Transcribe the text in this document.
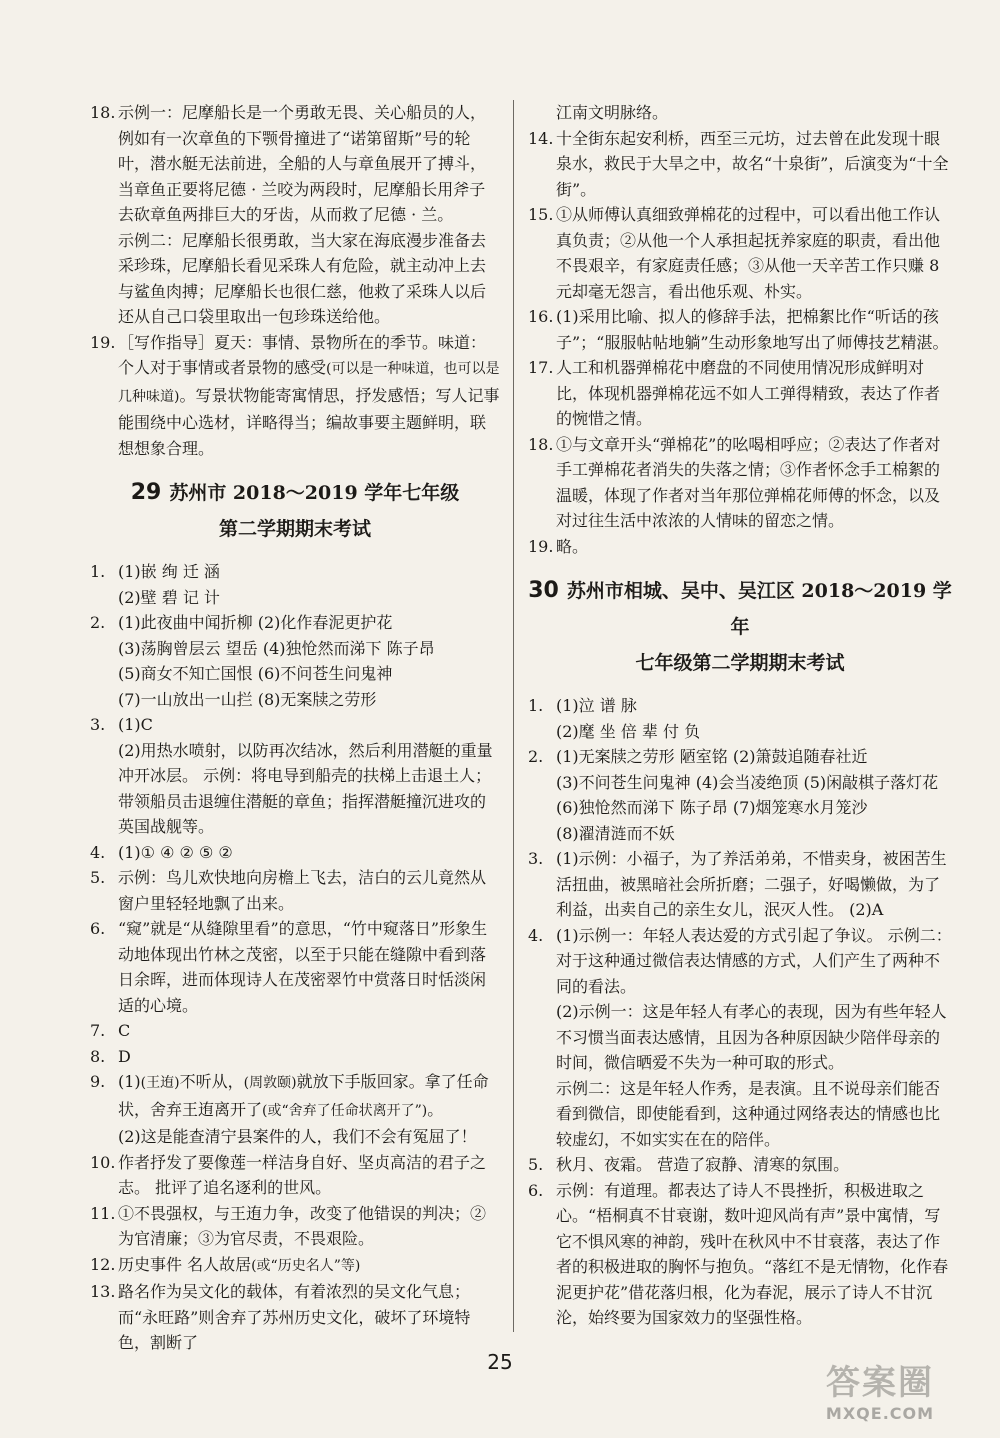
18. 示例一：尼摩船长是一个勇敢无畏、关心船员的人，例如有一次章鱼的下颚骨撞进了“诺第留斯”号的轮叶，潜水艇无法前进，全船的人与章鱼展开了搏斗，当章鱼正要将尼德 · 兰咬为两段时，尼摩船长用斧子去砍章鱼两排巨大的牙齿，从而救了尼德 · 兰。
示例二：尼摩船长很勇敢，当大家在海底漫步准备去采珍珠，尼摩船长看见采珠人有危险，就主动冲上去与鲨鱼肉搏；尼摩船长也很仁慈，他救了采珠人以后还从自己口袋里取出一包珍珠送给他。
19. ［写作指导］夏天：事情、景物所在的季节。味道：个人对于事情或者景物的感受(可以是一种味道，也可以是几种味道)。写景状物能寄寓情思，抒发感悟；写人记事能围绕中心选材，详略得当；编故事要主题鲜明，联想想象合理。
29 苏州市 2018～2019 学年七年级
第二学期期末考试
1. (1)嵌 绚 迁 涵
(2)壁 碧 记 计
2. (1)此夜曲中闻折柳 (2)化作春泥更护花
(3)荡胸曾层云 望岳 (4)独怆然而涕下 陈子昂
(5)商女不知亡国恨 (6)不问苍生问鬼神
(7)一山放出一山拦 (8)无案牍之劳形
3. (1)C
(2)用热水喷射，以防再次结冰，然后利用潜艇的重量冲开冰层。 示例：将电导到船壳的扶梯上击退土人；带领船员击退缠住潜艇的章鱼；指挥潜艇撞沉进攻的英国战舰等。
4. (1)① ④ ② ⑤ ②
5. 示例：鸟儿欢快地向房檐上飞去，洁白的云儿竟然从窗户里轻轻地飘了出来。
6. “窥”就是“从缝隙里看”的意思，“竹中窥落日”形象生动地体现出竹林之茂密，以至于只能在缝隙中看到落日余晖，进而体现诗人在茂密翠竹中赏落日时恬淡闲适的心境。
7. C
8. D
9. (1)(王迶)不听从，(周敦颐)就放下手版回家。拿了任命状，舍弃王迶离开了(或“舍弃了任命状离开了”)。
(2)这是能查清宁县案件的人，我们不会有冤屈了！
10. 作者抒发了要像莲一样洁身自好、坚贞高洁的君子之志。 批评了追名逐利的世风。
11. ①不畏强权，与王迶力争，改变了他错误的判决；②为官清廉；③为官尽责，不畏艰险。
12. 历史事件 名人故居(或“历史名人”等)
13. 路名作为吴文化的载体，有着浓烈的吴文化气息；而“永旺路”则舍弃了苏州历史文化，破坏了环境特色，割断了
江南文明脉络。
14. 十全街东起安利桥，西至三元坊，过去曾在此发现十眼泉水，救民于大旱之中，故名“十泉街”，后演变为“十全街”。
15. ①从师傅认真细致弹棉花的过程中，可以看出他工作认真负责；②从他一个人承担起抚养家庭的职责，看出他不畏艰辛，有家庭责任感；③从他一天辛苦工作只赚 8 元却毫无怨言，看出他乐观、朴实。
16. (1)采用比喻、拟人的修辞手法，把棉絮比作“听话的孩子”；“服服帖帖地躺”生动形象地写出了师傅技艺精湛。
17. 人工和机器弹棉花中磨盘的不同使用情况形成鲜明对比，体现机器弹棉花远不如人工弹得精致，表达了作者的惋惜之情。
18. ①与文章开头“弹棉花”的吆喝相呼应；②表达了作者对手工弹棉花者消失的失落之情；③作者怀念手工棉絮的温暖，体现了作者对当年那位弹棉花师傅的怀念，以及对过往生活中浓浓的人情味的留恋之情。
19. 略。
30 苏州市相城、吴中、吴江区 2018～2019 学年
七年级第二学期期末考试
1. (1)泣 谱 脉
(2)麾 坐 倍 辈 付 负
2. (1)无案牍之劳形 陋室铭 (2)箫鼓追随春社近
(3)不问苍生问鬼神 (4)会当凌绝顶 (5)闲敲棋子落灯花
(6)独怆然而涕下 陈子昂 (7)烟笼寒水月笼沙
(8)濯清涟而不妖
3. (1)示例：小福子，为了养活弟弟，不惜卖身，被困苦生活扭曲，被黑暗社会所折磨；二强子，好喝懒做，为了利益，出卖自己的亲生女儿，泯灭人性。 (2)A
4. (1)示例一：年轻人表达爱的方式引起了争议。 示例二：对于这种通过微信表达情感的方式，人们产生了两种不同的看法。
(2)示例一：这是年轻人有孝心的表现，因为有些年轻人不习惯当面表达感情，且因为各种原因缺少陪伴母亲的时间，微信晒爱不失为一种可取的形式。
示例二：这是年轻人作秀，是表演。且不说母亲们能否看到微信，即使能看到，这种通过网络表达的情感也比较虚幻，不如实实在在的陪伴。
5. 秋月、夜霜。 营造了寂静、清寒的氛围。
6. 示例：有道理。都表达了诗人不畏挫折，积极进取之心。“梧桐真不甘衰谢，数叶迎风尚有声”景中寓情，写它不惧风寒的神韵，残叶在秋风中不甘衰落，表达了作者的积极进取的胸怀与抱负。“落红不是无情物，化作春泥更护花”借花落归根，化为春泥，展示了诗人不甘沉沦，始终要为国家效力的坚强性格。
25
答案圈
MXQE.COM
